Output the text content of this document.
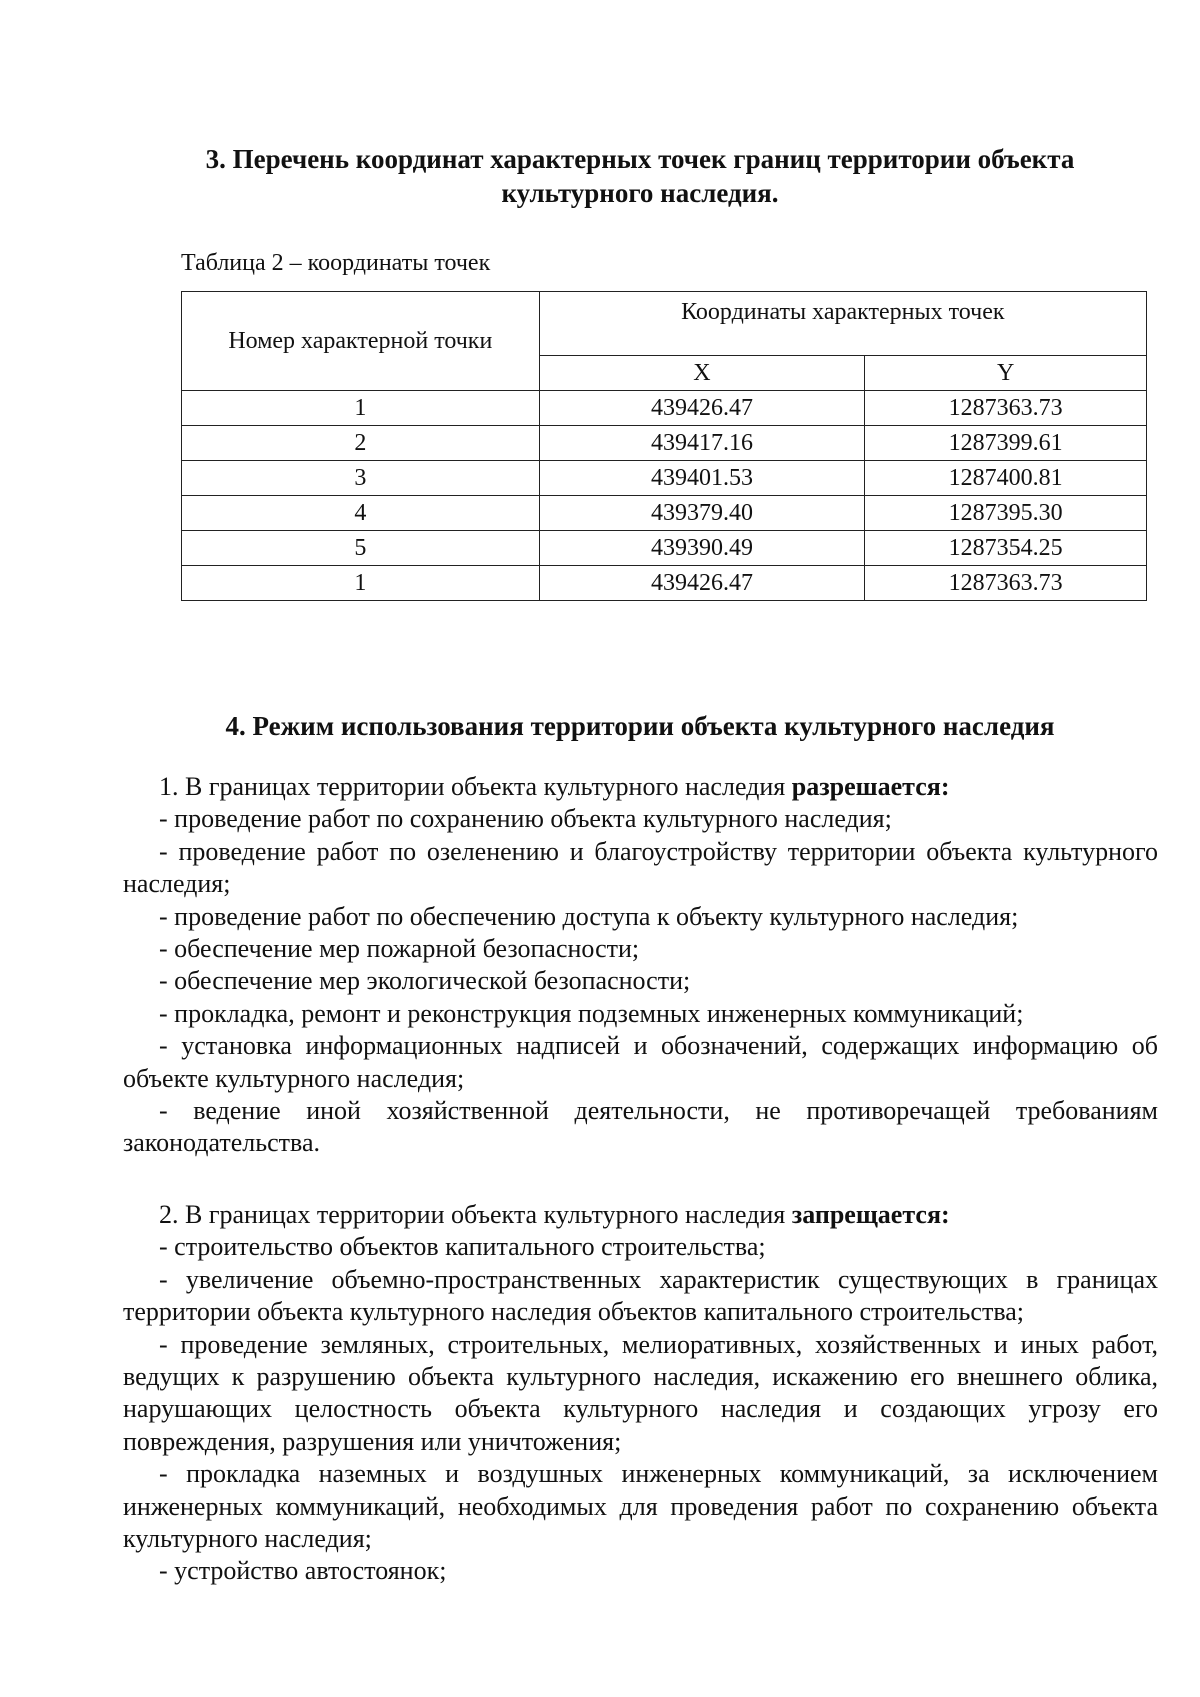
3. Перечень координат характерных точек границ территории объекта
культурного наследия.
Таблица 2 – координаты точек
Номер характерной точки	Координаты характерных точек	
	X	Y
1	439426.47	1287363.73
2	439417.16	1287399.61
3	439401.53	1287400.81
4	439379.40	1287395.30
5	439390.49	1287354.25
1	439426.47	1287363.73
4. Режим использования территории объекта культурного наследия

1. В границах территории объекта культурного наследия разрешается:

- проведение работ по сохранению объекта культурного наследия;

- проведение работ по озеленению и благоустройству территории объекта культурного наследия;

- проведение работ по обеспечению доступа к объекту культурного наследия;

- обеспечение мер пожарной безопасности;

- обеспечение мер экологической безопасности;

- прокладка, ремонт и реконструкция подземных инженерных коммуникаций;

- установка информационных надписей и обозначений, содержащих информацию об объекте культурного наследия;

- ведение иной хозяйственной деятельности, не противоречащей требованиям законодательства.

2. В границах территории объекта культурного наследия запрещается:

- строительство объектов капитального строительства;

- увеличение объемно-пространственных характеристик существующих в границах территории объекта культурного наследия объектов капитального строительства;

- проведение земляных, строительных, мелиоративных, хозяйственных и иных работ, ведущих к разрушению объекта культурного наследия, искажению его внешнего облика, нарушающих целостность объекта культурного наследия и создающих угрозу его повреждения, разрушения или уничтожения;

- прокладка наземных и воздушных инженерных коммуникаций, за исключением инженерных коммуникаций, необходимых для проведения работ по сохранению объекта культурного наследия;

- устройство автостоянок;
